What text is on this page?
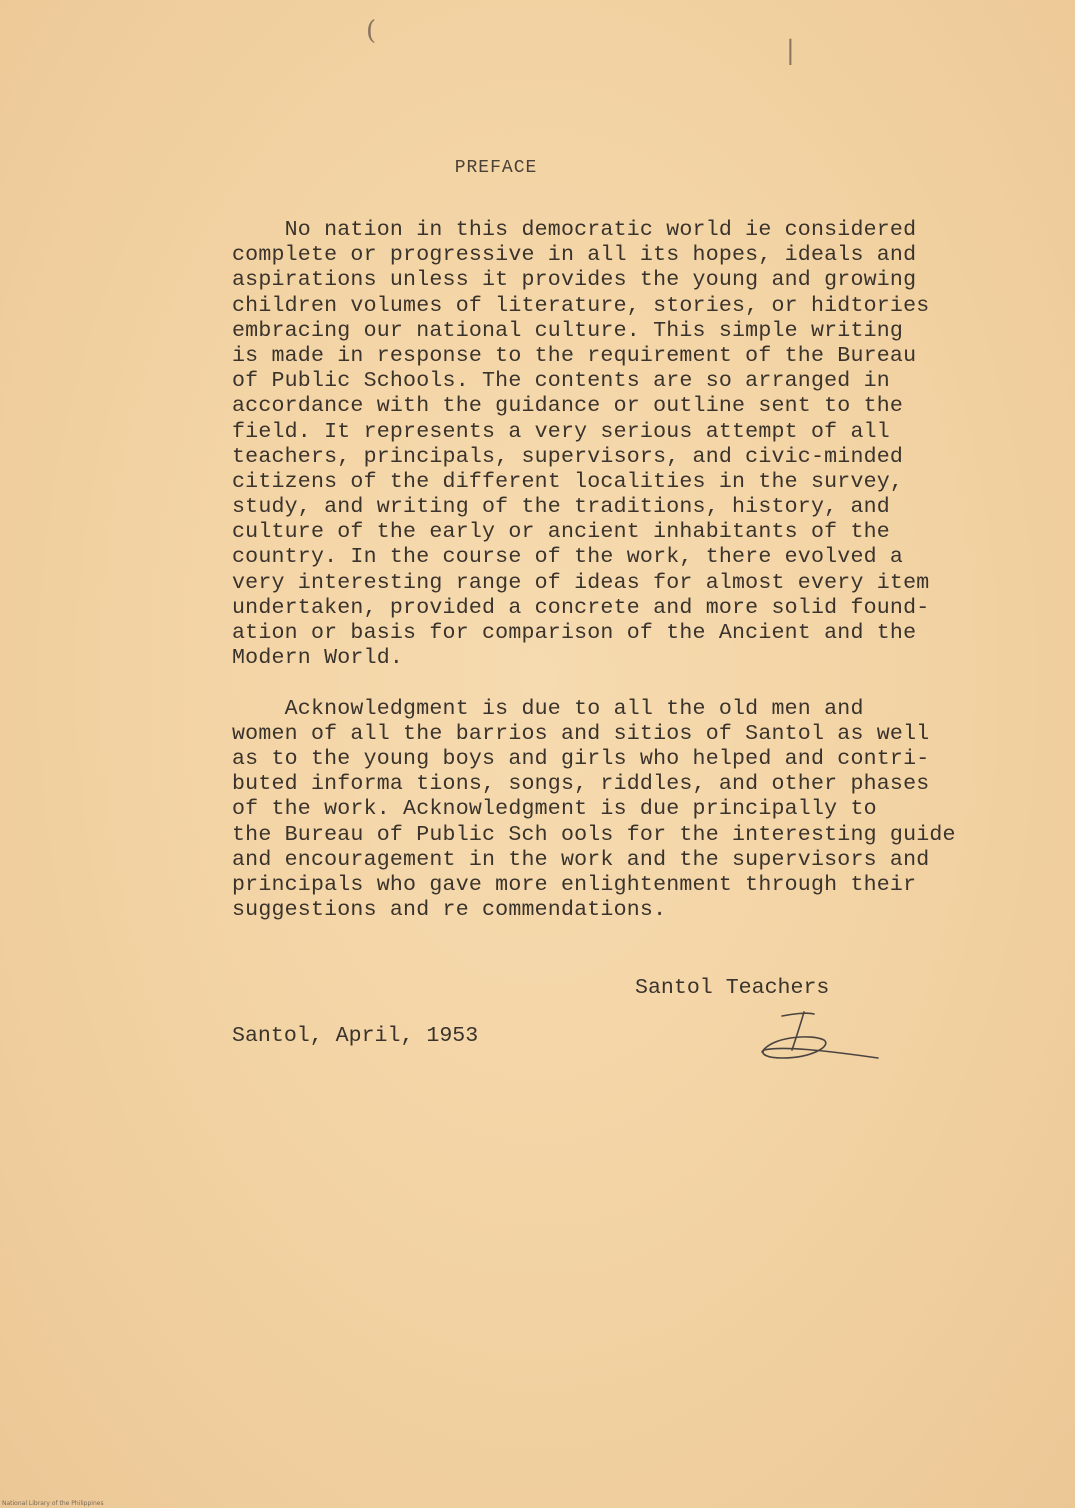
(
|
PREFACE
No nation in this democratic world ie considered
complete or progressive in all its hopes, ideals and
aspirations unless it provides the young and growing
children volumes of literature, stories, or hidtories
embracing our national culture. This simple writing
is made in response to the requirement of the Bureau
of Public Schools. The contents are so arranged in
accordance with the guidance or outline sent to the
field. It represents a very serious attempt of all
teachers, principals, supervisors, and civic-minded
citizens of the different localities in the survey,
study, and writing of the traditions, history, and
culture of the early or ancient inhabitants of the
country. In the course of the work, there evolved a
very interesting range of ideas for almost every item
undertaken, provided a concrete and more solid found-
ation or basis for comparison of the Ancient and the
Modern World.
Acknowledgment is due to all the old men and
women of all the barrios and sitios of Santol as well
as to the young boys and girls who helped and contri-
buted informa tions, songs, riddles, and other phases
of the work. Acknowledgment is due principally to
the Bureau of Public Sch ools for the interesting guide
and encouragement in the work and the supervisors and
principals who gave more enlightenment through their
suggestions and re commendations.
Santol Teachers
Santol, April, 1953
National Library of the Philippines
